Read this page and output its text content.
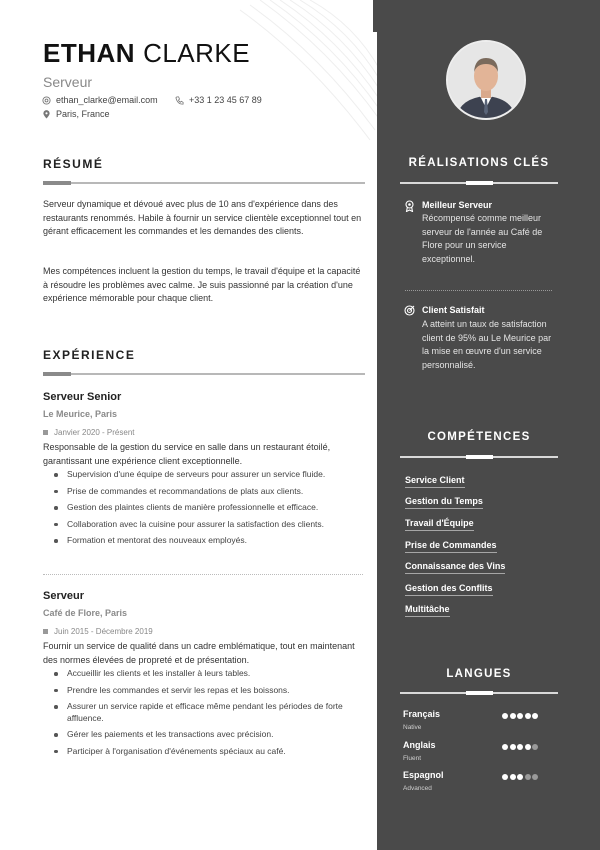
ETHAN CLARKE
Serveur
ethan_clarke@email.com	+33 1 23 45 67 89
Paris, France
RÉSUMÉ

Serveur dynamique et dévoué avec plus de 10 ans d'expérience dans des restaurants renommés. Habile à fournir un service clientèle exceptionnel tout en gérant efficacement les commandes et les demandes des clients.

Mes compétences incluent la gestion du temps, le travail d'équipe et la capacité à résoudre les problèmes avec calme. Je suis passionné par la création d'une expérience mémorable pour chaque client.

EXPÉRIENCE
Serveur Senior
Le Meurice, Paris
Janvier 2020 - Présent

Responsable de la gestion du service en salle dans un restaurant étoilé, garantissant une expérience client exceptionnelle.

Supervision d'une équipe de serveurs pour assurer un service fluide.
Prise de commandes et recommandations de plats aux clients.
Gestion des plaintes clients de manière professionnelle et efficace.
Collaboration avec la cuisine pour assurer la satisfaction des clients.
Formation et mentorat des nouveaux employés.
Serveur
Café de Flore, Paris
Juin 2015 - Décembre 2019

Fournir un service de qualité dans un cadre emblématique, tout en maintenant des normes élevées de propreté et de présentation.

Accueillir les clients et les installer à leurs tables.
Prendre les commandes et servir les repas et les boissons.
Assurer un service rapide et efficace même pendant les périodes de forte affluence.
Gérer les paiements et les transactions avec précision.
Participer à l'organisation d'événements spéciaux au café.
RÉALISATIONS CLÉS
Meilleur Serveur

Récompensé comme meilleur serveur de l'année au Café de Flore pour un service exceptionnel.

Client Satisfait

A atteint un taux de satisfaction client de 95% au Le Meurice par la mise en œuvre d'un service personnalisé.

COMPÉTENCES
Service Client
Gestion du Temps
Travail d'Équipe
Prise de Commandes
Connaissance des Vins
Gestion des Conflits
Multitâche
LANGUES
Français
Native
Anglais
Fluent
Espagnol
Advanced
